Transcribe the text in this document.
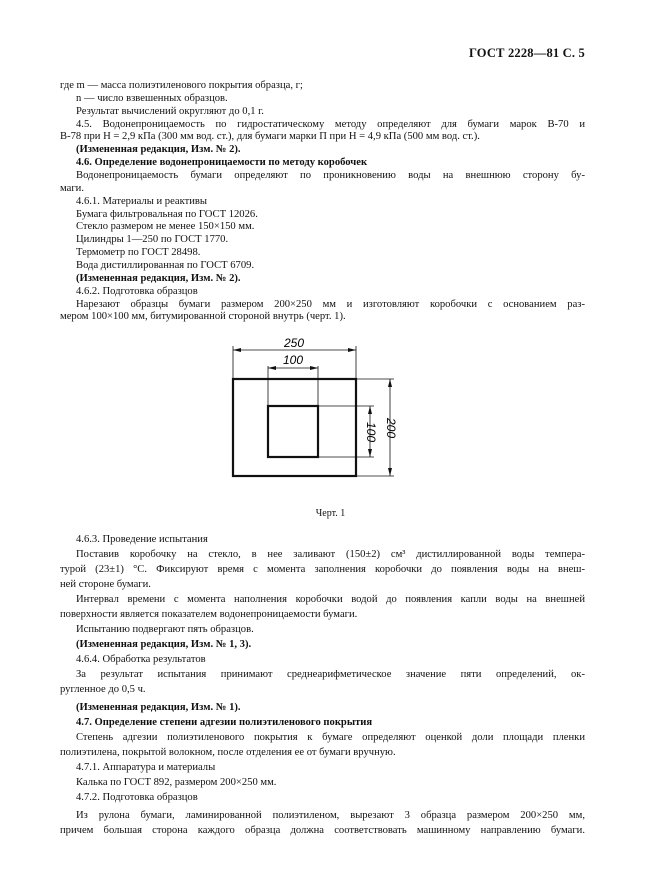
ГОСТ 2228—81 С. 5
где m — масса полиэтиленового покрытия образца, г;
n — число взвешенных образцов.
Результат вычислений округляют до 0,1 г.
4.5. Водонепроницаемость по гидростатическому методу определяют для бумаги марок В-70 и
В-78 при H = 2,9 кПа (300 мм вод. ст.), для бумаги марки П при H = 4,9 кПа (500 мм вод. ст.).
(Измененная редакция, Изм. № 2).
4.6. Определение водонепроницаемости по методу коробочек
Водонепроницаемость бумаги определяют по проникновению воды на внешнюю сторону бу-
маги.
4.6.1. Материалы и реактивы
Бумага фильтровальная по ГОСТ 12026.
Стекло размером не менее 150×150 мм.
Цилиндры 1—250 по ГОСТ 1770.
Термометр по ГОСТ 28498.
Вода дистиллированная по ГОСТ 6709.
(Измененная редакция, Изм. № 2).
4.6.2. Подготовка образцов
Нарезают образцы бумаги размером 200×250 мм и изготовляют коробочки с основанием раз-
мером 100×100 мм, битумированной стороной внутрь (черт. 1).
4.6.3. Проведение испытания
Поставив коробочку на стекло, в нее заливают (150±2) см³ дистиллированной воды темпера-
турой (23±1) °С. Фиксируют время с момента заполнения коробочки до появления воды на внеш-
ней стороне бумаги.
Интервал времени с момента наполнения коробочки водой до появления капли воды на внешней
поверхности является показателем водонепроницаемости бумаги.
Испытанию подвергают пять образцов.
(Измененная редакция, Изм. № 1, 3).
4.6.4. Обработка результатов
За результат испытания принимают среднеарифметическое значение пяти определений, ок-
ругленное до 0,5 ч.
(Измененная редакция, Изм. № 1).
4.7. Определение степени адгезии полиэтиленового покрытия
Степень адгезии полиэтиленового покрытия к бумаге определяют оценкой доли площади пленки
полиэтилена, покрытой волокном, после отделения ее от бумаги вручную.
4.7.1. Аппаратура и материалы
Калька по ГОСТ 892, размером 200×250 мм.
4.7.2. Подготовка образцов
Из рулона бумаги, ламинированной полиэтиленом, вырезают 3 образца размером 200×250 мм,
причем большая сторона каждого образца должна соответствовать машинному направлению бумаги.
250
100
100 200
Черт. 1
